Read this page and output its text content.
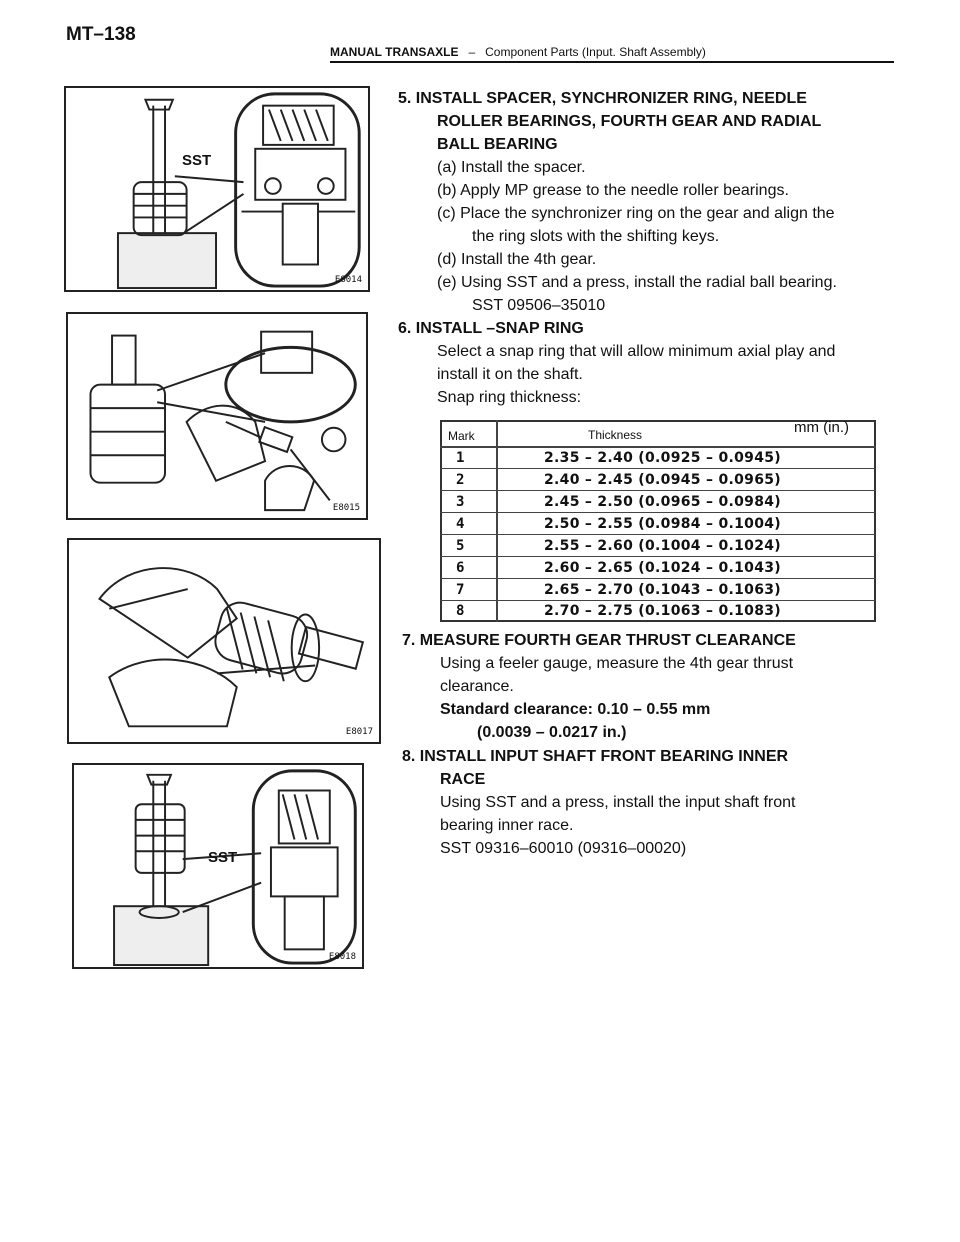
MT–138
MANUAL TRANSAXLE – Component Parts (Input. Shaft Assembly)
SST
E8014
E8015
E8017
SST
E8018
5. INSTALL SPACER, SYNCHRONIZER RING, NEEDLE
ROLLER BEARINGS, FOURTH GEAR AND RADIAL
BALL BEARING
(a) Install the spacer.
(b) Apply MP grease to the needle roller bearings.
(c) Place the synchronizer ring on the gear and align the
the ring slots with the shifting keys.
(d) Install the 4th gear.
(e) Using SST and a press, install the radial ball bearing.
SST 09506–35010
6. INSTALL –SNAP RING
Select a snap ring that will allow minimum axial play and
install it on the shaft.
Snap ring thickness:
Mark	Thickness	mm (in.)
1	2.35 – 2.40 (0.0925 – 0.0945)
2	2.40 – 2.45 (0.0945 – 0.0965)
3	2.45 – 2.50 (0.0965 – 0.0984)
4	2.50 – 2.55 (0.0984 – 0.1004)
5	2.55 – 2.60 (0.1004 – 0.1024)
6	2.60 – 2.65 (0.1024 – 0.1043)
7	2.65 – 2.70 (0.1043 – 0.1063)
8	2.70 – 2.75 (0.1063 – 0.1083)
7. MEASURE FOURTH GEAR THRUST CLEARANCE
Using a feeler gauge, measure the 4th gear thrust
clearance.
Standard clearance: 0.10 – 0.55 mm
(0.0039 – 0.0217 in.)
8. INSTALL INPUT SHAFT FRONT BEARING INNER
RACE
Using SST and a press, install the input shaft front
bearing inner race.
SST 09316–60010 (09316–00020)
